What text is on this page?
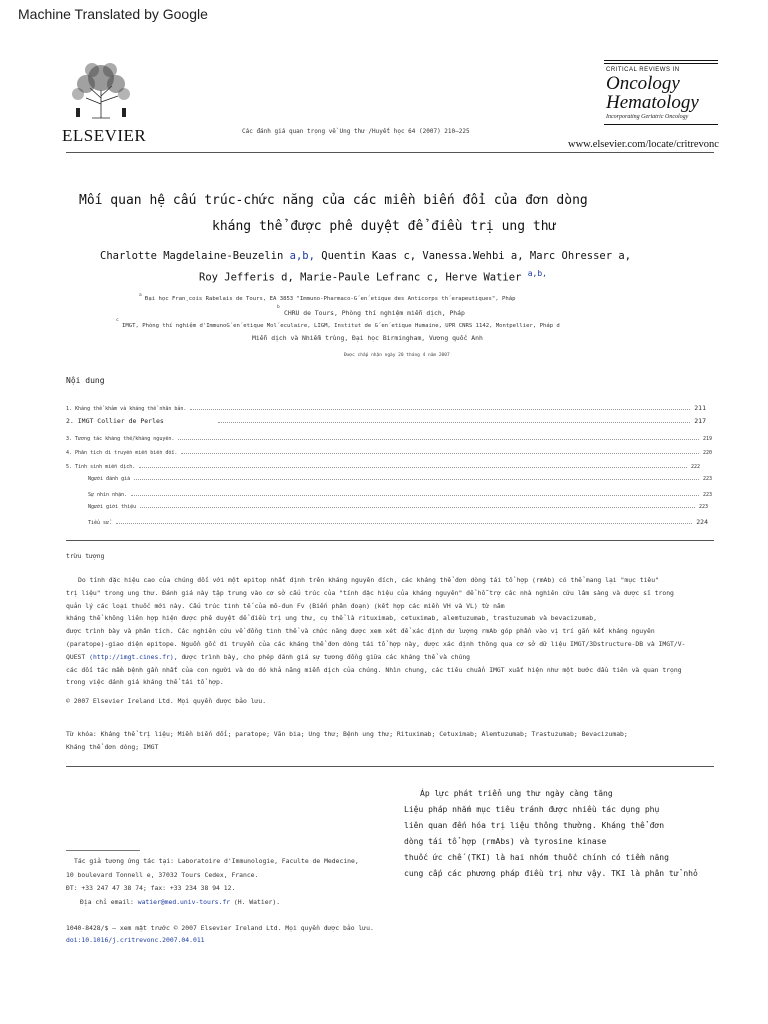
Machine Translated by Google
ELSEVIER	Các đánh giá quan trọng về Ung thư /Huyết học 64 (2007) 210–225
CRITICAL REVIEWS IN
Oncology
Hematology
Incorporating Geriatric Oncology
www.elsevier.com/locate/critrevonc
Mối quan hệ cấu trúc-chức năng của các miền biến đổi của đơn dòng
kháng thể được phê duyệt để điều trị ung thư
Charlotte Magdelaine-Beuzelin a,b, Quentin Kaas c, Vanessa.Wehbi a, Marc Ohresser a,
Roy Jefferis d, Marie-Paule Lefranc c, Herve Watier $^{a,b,}$
a
Đại học Fran¸cois Rabelais de Tours, EA 3853 "Immuno-Pharmaco-G´en´etique des Anticorps th´erapeutiques", Pháp
b
CHRU de Tours, Phòng thí nghiệm miễn dịch, Pháp
c
IMGT, Phòng thí nghiệm d'ImmunoG´en´etique Mol´eculaire, LIGM, Institut de G´en´etique Humaine, UPR CNRS 1142, Montpellier, Pháp d
Miễn dịch và Nhiễm trùng, Đại học Birmingham, Vương quốc Anh
Được chấp nhận ngày 20 tháng 4 năm 2007
Nội dung
1. Kháng thể khảm và kháng thể nhân bản.	211
2. IMGT Collier de Perles	217
3. Tương tác kháng thể/kháng nguyên.	219
4. Phân tích di truyền miễn biến đổi.	220
5. Tính sinh miễn dịch.	222
Người đánh giá	223
Sự nhìn nhận.	223
Người giới thiệu	223
Tiểu sử.	224
trừu tượng
Do tính đặc hiệu cao của chúng đối với một epitop nhất định trên kháng nguyên đích, các kháng thể đơn dòng tái tổ hợp (rmAb) có thể mang lại "mục tiêu"
trị liệu" trong ung thư. Đánh giá này tập trung vào cơ sở cấu trúc của "tính đặc hiệu của kháng nguyên" để hỗ trợ các nhà nghiên cứu lâm sàng và dược sĩ trong
quản lý các loại thuốc mới này. Cấu trúc tinh tế của mô-đun Fv (Biến phân đoạn) (kết hợp các miền VH và VL) từ năm
kháng thể không liên hợp hiện được phê duyệt để điều trị ung thư, cụ thể là rituximab, cetuximab, alemtuzumab, trastuzumab và bevacizumab,
được trình bày và phân tích. Các nghiên cứu về đồng tinh thể và chức năng được xem xét để xác định dư lượng rmAb góp phần vào vị trí gắn kết kháng nguyên
(paratope)-giao diện epitope. Nguồn gốc di truyền của các kháng thể đơn dòng tái tổ hợp này, được xác định thông qua cơ sở dữ liệu IMGT/3Dstructure-DB và IMGT/V-
QUEST (http://imgt.cines.fr), được trình bày, cho phép đánh giá sự tương đồng giữa các kháng thể và chúng
các đối tác mầm bệnh gần nhất của con người và do đó khả năng miễn dịch của chúng. Nhìn chung, các tiêu chuẩn IMGT xuất hiện như một bước đầu tiên và quan trọng
trong việc đánh giá kháng thể tái tổ hợp.
© 2007 Elsevier Ireland Ltd. Mọi quyền được bảo lưu.
Từ khóa: Kháng thể trị liệu; Miền biến đổi; paratope; Văn bia; Ung thư; Bệnh ung thư; Rituximab; Cetuximab; Alemtuzumab; Trastuzumab; Bevacizumab;
Kháng thể đơn dòng; IMGT
Tác giả tương ứng tác tại: Laboratoire d'Immunologie, Faculte de Medecine,
10 boulevard Tonnell e, 37032 Tours Cedex, France.
ĐT: +33 247 47 38 74; fax: +33 234 38 94 12.
Địa chỉ email: watier@med.univ-tours.fr (H. Watier).
1040-8428/$ – xem mặt trước © 2007 Elsevier Ireland Ltd. Mọi quyền được bảo lưu.
doi:10.1016/j.critrevonc.2007.04.011
Áp lực phát triển ung thư ngày càng tăng
Liệu pháp nhắm mục tiêu tránh được nhiều tác dụng phụ
liên quan đến hóa trị liệu thông thường. Kháng thể đơn
dòng tái tổ hợp (rmAbs) và tyrosine kinase
thuốc ức chế (TKI) là hai nhóm thuốc chính có tiềm năng
cung cấp các phương pháp điều trị như vậy. TKI là phân tử nhỏ
